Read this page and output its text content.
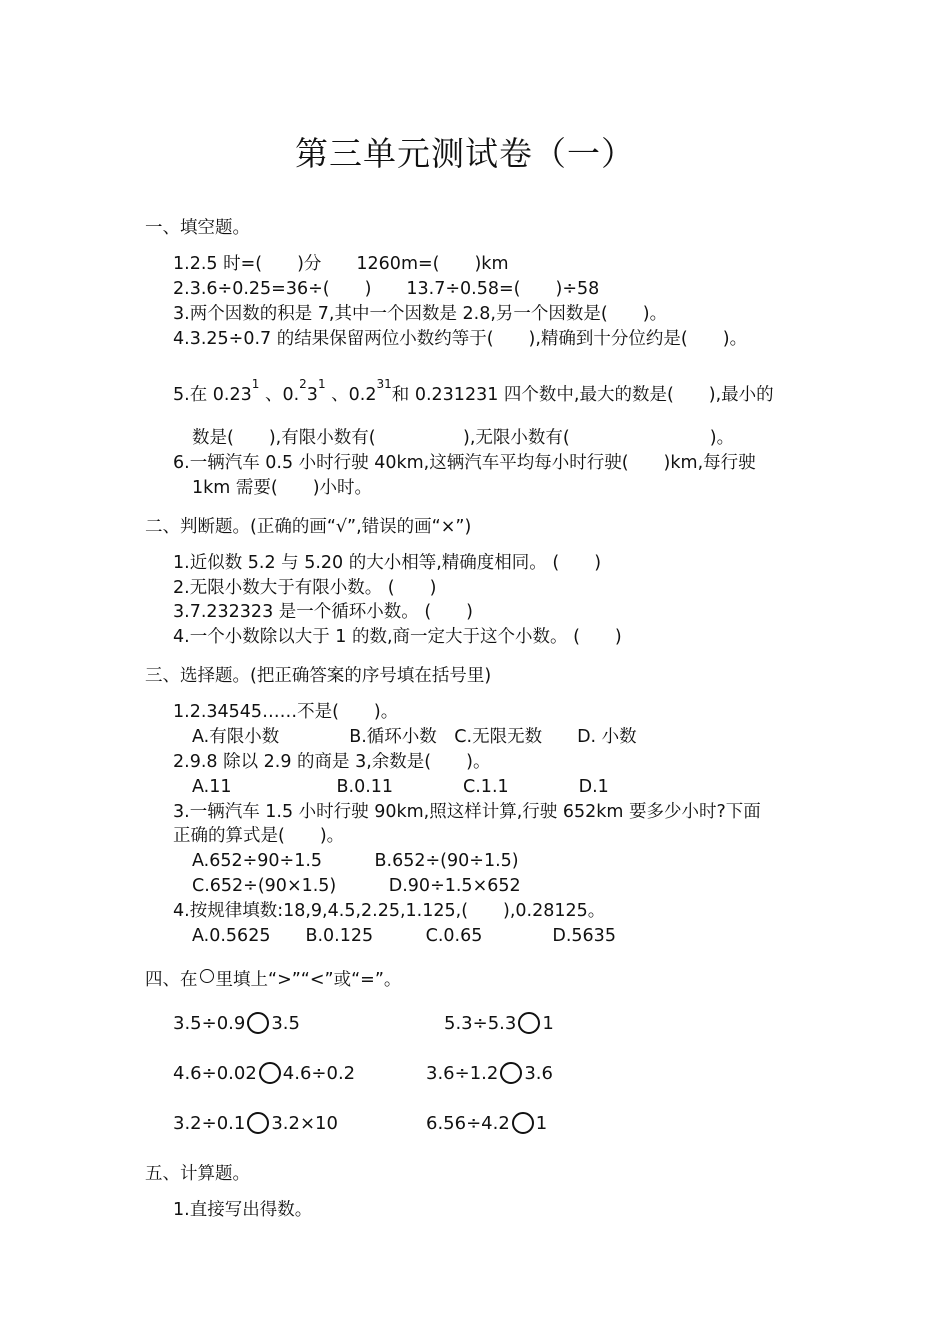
第三单元测试卷（一）
一、填空题。
1.2.5 时=(　　)分　　1260m=(　　)km
2.3.6÷0.25=36÷(　　)　　13.7÷0.58=(　　)÷58
3.两个因数的积是 7,其中一个因数是 2.8,另一个因数是(　　)。
4.3.25÷0.7 的结果保留两位小数约等于(　　),精确到十分位约是(　　)。
5.在 0.23$^1$ 、$0.^23^1$ 、$0.2^{31}$和 0.231231 四个数中,最大的数是(　　),最小的
数是(　　),有限小数有(　　　　　),无限小数有(　　　　　　　　)。
6.一辆汽车 0.5 小时行驶 40km,这辆汽车平均每小时行驶(　　)km,每行驶
1km 需要(　　)小时。
二、判断题。(正确的画“√”,错误的画“×”)
1.近似数 5.2 与 5.20 的大小相等,精确度相同。 (　　)
2.无限小数大于有限小数。 (　　)
3.7.232323 是一个循环小数。 (　　)
4.一个小数除以大于 1 的数,商一定大于这个小数。 (　　)
三、选择题。(把正确答案的序号填在括号里)
1.2.34545……不是(　　)。
A.有限小数　　　　B.循环小数　C.无限无数　　D. 小数
2.9.8 除以 2.9 的商是 3,余数是(　　)。
A.11　　　　　　B.0.11　　　　C.1.1　　　　D.1
3.一辆汽车 1.5 小时行驶 90km,照这样计算,行驶 652km 要多少小时?下面
正确的算式是(　　)。
A.652÷90÷1.5　　　B.652÷(90÷1.5)
C.652÷(90×1.5)　　　D.90÷1.5×652
4.按规律填数:18,9,4.5,2.25,1.125,(　　),0.28125。
A.0.5625　　B.0.125　　　C.0.65　　　　D.5635
四、在 里填上“>”“<”或“=”。
3.5÷0.9 3.5	5.3÷5.3 1
4.6÷0.02 4.6÷0.2	3.6÷1.2 3.6
3.2÷0.1 3.2×10	6.56÷4.2 1
五、计算题。
1.直接写出得数。
